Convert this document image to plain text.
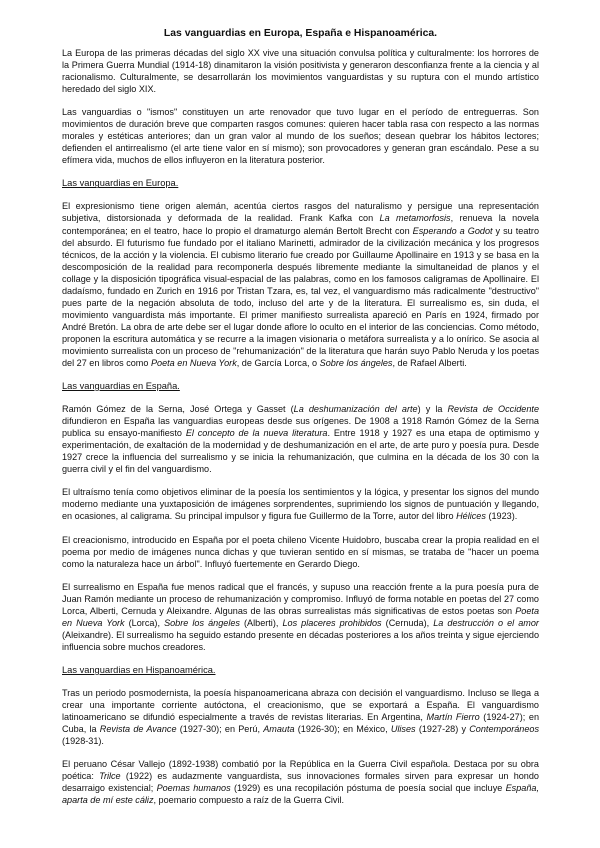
Las vanguardias en Europa, España e Hispanoamérica.

La Europa de las primeras décadas del siglo XX vive una situación convulsa política y culturalmente: los horrores de la Primera Guerra Mundial (1914-18) dinamitaron la visión positivista y generaron desconfianza frente a la ciencia y al racionalismo. Culturalmente, se desarrollarán los movimientos vanguardistas y su ruptura con el mundo artístico heredado del siglo XIX.

Las vanguardias o "ismos" constituyen un arte renovador que tuvo lugar en el período de entreguerras. Son movimientos de duración breve que comparten rasgos comunes: quieren hacer tabla rasa con respecto a las normas morales y estéticas anteriores; dan un gran valor al mundo de los sueños; desean quebrar los hábitos lectores; defienden el antirrealismo (el arte tiene valor en sí mismo); son provocadores y generan gran escándalo. Pese a su efímera vida, muchos de ellos influyeron en la literatura posterior.

Las vanguardias en Europa.

El expresionismo tiene origen alemán, acentúa ciertos rasgos del naturalismo y persigue una representación subjetiva, distorsionada y deformada de la realidad. Frank Kafka con La metamorfosis, renueva la novela contemporánea; en el teatro, hace lo propio el dramaturgo alemán Bertolt Brecht con Esperando a Godot y su teatro del absurdo. El futurismo fue fundado por el italiano Marinetti, admirador de la civilización mecánica y los progresos técnicos, de la acción y la violencia. El cubismo literario fue creado por Guillaume Apollinaire en 1913 y se basa en la descomposición de la realidad para recomponerla después libremente mediante la simultaneidad de planos y el collage y la disposición tipográfica visual-espacial de las palabras, como en los famosos caligramas de Apollinaire. El dadaísmo, fundado en Zurich en 1916 por Tristan Tzara, es, tal vez, el vanguardismo más radicalmente "destructivo" pues parte de la negación absoluta de todo, incluso del arte y de la literatura. El surrealismo es, sin duda, el movimiento vanguardista más importante. El primer manifiesto surrealista apareció en París en 1924, firmado por André Bretón. La obra de arte debe ser el lugar donde aflore lo oculto en el interior de las conciencias. Como método, proponen la escritura automática y se recurre a la imagen visionaria o metáfora surrealista y a lo onírico. Se asocia al movimiento surrealista con un proceso de "rehumanización" de la literatura que harán suyo Pablo Neruda y los poetas del 27 en libros como Poeta en Nueva York, de García Lorca, o Sobre los ángeles, de Rafael Alberti.

Las vanguardias en España.

Ramón Gómez de la Serna, José Ortega y Gasset (La deshumanización del arte) y la Revista de Occidente difundieron en España las vanguardias europeas desde sus orígenes. De 1908 a 1918 Ramón Gómez de la Serna publica su ensayo-manifiesto El concepto de la nueva literatura. Entre 1918 y 1927 es una etapa de optimismo y experimentación, de exaltación de la modernidad y de deshumanización en el arte, de arte puro y poesía pura. Desde 1927 crece la influencia del surrealismo y se inicia la rehumanización, que culmina en la década de los 30 con la guerra civil y el fin del vanguardismo.

El ultraísmo tenía como objetivos eliminar de la poesía los sentimientos y la lógica, y presentar los signos del mundo moderno mediante una yuxtaposición de imágenes sorprendentes, suprimiendo los signos de puntuación y llegando, en ocasiones, al caligrama. Su principal impulsor y figura fue Guillermo de la Torre, autor del libro Hélices (1923).

El creacionismo, introducido en España por el poeta chileno Vicente Huidobro, buscaba crear la propia realidad en el poema por medio de imágenes nunca dichas y que tuvieran sentido en sí mismas, se trataba de "hacer un poema como la naturaleza hace un árbol". Influyó fuertemente en Gerardo Diego.

El surrealismo en España fue menos radical que el francés, y supuso una reacción frente a la pura poesía pura de Juan Ramón mediante un proceso de rehumanización y compromiso. Influyó de forma notable en poetas del 27 como Lorca, Alberti, Cernuda y Aleixandre. Algunas de las obras surrealistas más significativas de estos poetas son Poeta en Nueva York (Lorca), Sobre los ángeles (Alberti), Los placeres prohibidos (Cernuda), La destrucción o el amor (Aleixandre). El surrealismo ha seguido estando presente en décadas posteriores a los años treinta y sigue ejerciendo influencia sobre muchos creadores.

Las vanguardias en Hispanoamérica.

Tras un periodo posmodernista, la poesía hispanoamericana abraza con decisión el vanguardismo. Incluso se llega a crear una importante corriente autóctona, el creacionismo, que se exportará a España. El vanguardismo latinoamericano se difundió especialmente a través de revistas literarias. En Argentina, Martín Fierro (1924-27); en Cuba, la Revista de Avance (1927-30); en Perú, Amauta (1926-30); en México, Ulises (1927-28) y Contemporáneos (1928-31).

El peruano César Vallejo (1892-1938) combatió por la República en la Guerra Civil española. Destaca por su obra poética: Trilce (1922) es audazmente vanguardista, sus innovaciones formales sirven para expresar un hondo desarraigo existencial; Poemas humanos (1929) es una recopilación póstuma de poesía social que incluye España, aparta de mí este cáliz, poemario compuesto a raíz de la Guerra Civil.
